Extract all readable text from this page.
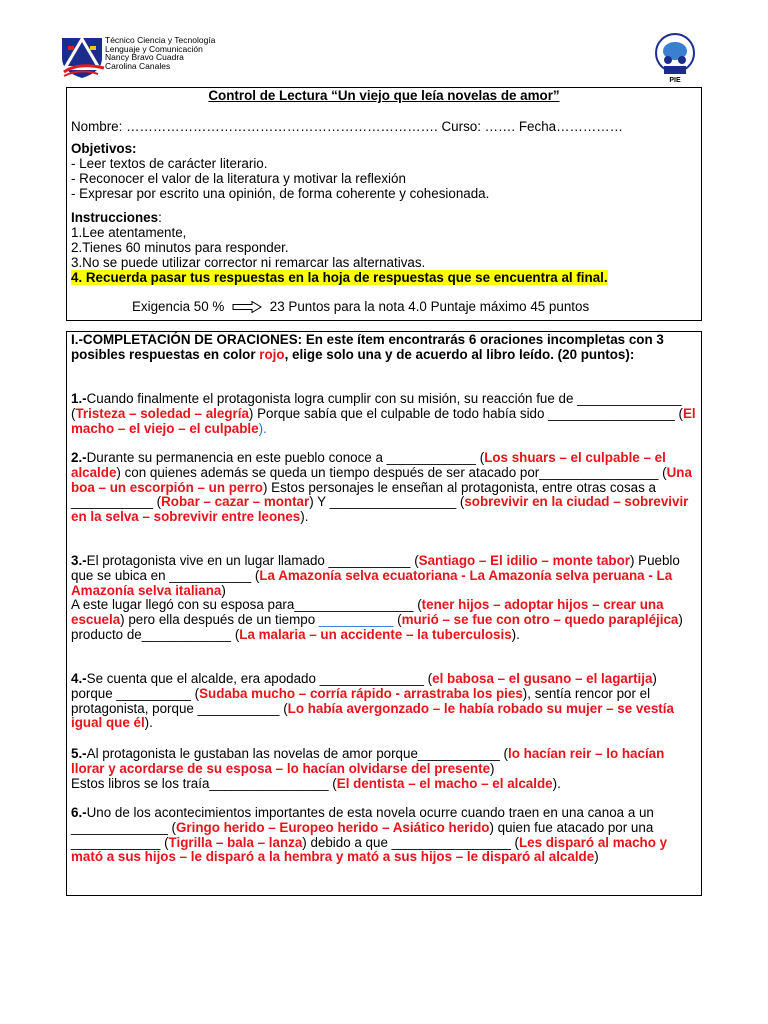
Técnico Ciencia y Tecnología
Lenguaje y Comunicación
Nancy Bravo Cuadra
Carolina Canales
PIE
Control de Lectura “Un viejo que leía novelas de amor”
Nombre: ……………………………………………………………. Curso: ……. Fecha……………
Objetivos:
- Leer textos de carácter literario.
- Reconocer el valor de la literatura y motivar la reflexión
- Expresar por escrito una opinión, de forma coherente y cohesionada.
Instrucciones:
1.Lee atentamente,
2.Tienes 60 minutos para responder.
3.No se puede utilizar corrector ni remarcar las alternativas.
4. Recuerda pasar tus respuestas en la hoja de respuestas que se encuentra al final.
Exigencia 50 %	23 Puntos para la nota 4.0 Puntaje máximo 45 puntos
I.-COMPLETACIÓN DE ORACIONES: En este ítem encontrarás 6 oraciones incompletas con 3 posibles respuestas en color rojo, elige solo una y de acuerdo al libro leído. (20 puntos):
1.-Cuando finalmente el protagonista logra cumplir con su misión, su reacción fue de ______________ (Tristeza – soledad – alegría) Porque sabía que el culpable de todo había sido _________________ (El macho – el viejo – el culpable).
2.-Durante su permanencia en este pueblo conoce a ____________ (Los shuars – el culpable – el alcalde) con quienes además se queda un tiempo después de ser atacado por________________ (Una boa – un escorpión – un perro) Estos personajes le enseñan al protagonista, entre otras cosas a ___________ (Robar – cazar – montar) Y _________________ (sobrevivir en la ciudad – sobrevivir en la selva – sobrevivir entre leones).
3.-El protagonista vive en un lugar llamado ___________ (Santiago – El idilio – monte tabor) Pueblo que se ubica en ___________ (La Amazonía selva ecuatoriana - La Amazonía selva peruana - La Amazonía selva italiana)
A este lugar llegó con su esposa para________________ (tener hijos – adoptar hijos – crear una escuela) pero ella después de un tiempo __________ (murió – se fue con otro – quedo parapléjica) producto de____________ (La malaria – un accidente – la tuberculosis).
4.-Se cuenta que el alcalde, era apodado ______________ (el babosa – el gusano – el lagartija) porque __________ (Sudaba mucho – corría rápido - arrastraba los pies), sentía rencor por el protagonista, porque ___________ (Lo había avergonzado – le había robado su mujer – se vestía igual que él).
5.-Al protagonista le gustaban las novelas de amor porque___________ (lo hacían reir – lo hacían llorar y acordarse de su esposa – lo hacían olvidarse del presente)
Estos libros se los traía________________ (El dentista – el macho – el alcalde).
6.-Uno de los acontecimientos importantes de esta novela ocurre cuando traen en una canoa a un _____________ (Gringo herido – Europeo herido – Asiático herido) quien fue atacado por una ____________ (Tigrilla – bala – lanza) debido a que ________________ (Les disparó al macho y mató a sus hijos – le disparó a la hembra y mató a sus hijos – le disparó al alcalde)
